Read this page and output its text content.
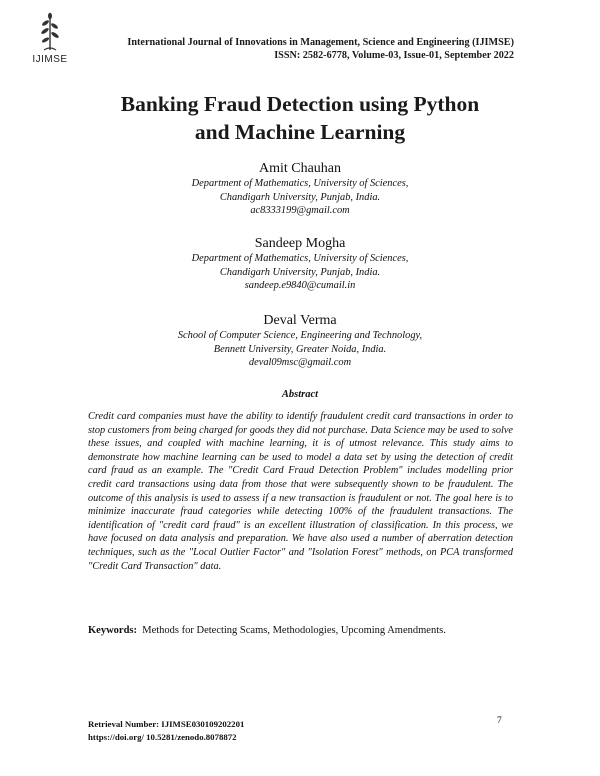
IJIMSE
International Journal of Innovations in Management, Science and Engineering (IJIMSE)
ISSN: 2582-6778, Volume-03, Issue-01, September 2022
Banking Fraud Detection using Python
and Machine Learning
Amit Chauhan
Department of Mathematics, University of Sciences,
Chandigarh University, Punjab, India.
ac8333199@gmail.com
Sandeep Mogha
Department of Mathematics, University of Sciences,
Chandigarh University, Punjab, India.
sandeep.e9840@cumail.in
Deval Verma
School of Computer Science, Engineering and Technology,
Bennett University, Greater Noida, India.
deval09msc@gmail.com
Abstract
Credit card companies must have the ability to identify fraudulent credit card transactions in order to stop customers from being charged for goods they did not purchase. Data Science may be used to solve these issues, and coupled with machine learning, it is of utmost relevance. This study aims to demonstrate how machine learning can be used to model a data set by using the detection of credit card fraud as an example. The "Credit Card Fraud Detection Problem" includes modelling prior credit card transactions using data from those that were subsequently shown to be fraudulent. The outcome of this analysis is used to assess if a new transaction is fraudulent or not. The goal here is to minimize inaccurate fraud categories while detecting 100% of the fraudulent transactions. The identification of "credit card fraud" is an excellent illustration of classification. In this process, we have focused on data analysis and preparation. We have also used a number of aberration detection techniques, such as the "Local Outlier Factor" and "Isolation Forest" methods, on PCA transformed "Credit Card Transaction" data.
Keywords: Methods for Detecting Scams, Methodologies, Upcoming Amendments.
Retrieval Number: IJIMSE030109202201
https://doi.org/ 10.5281/zenodo.8078872
7
